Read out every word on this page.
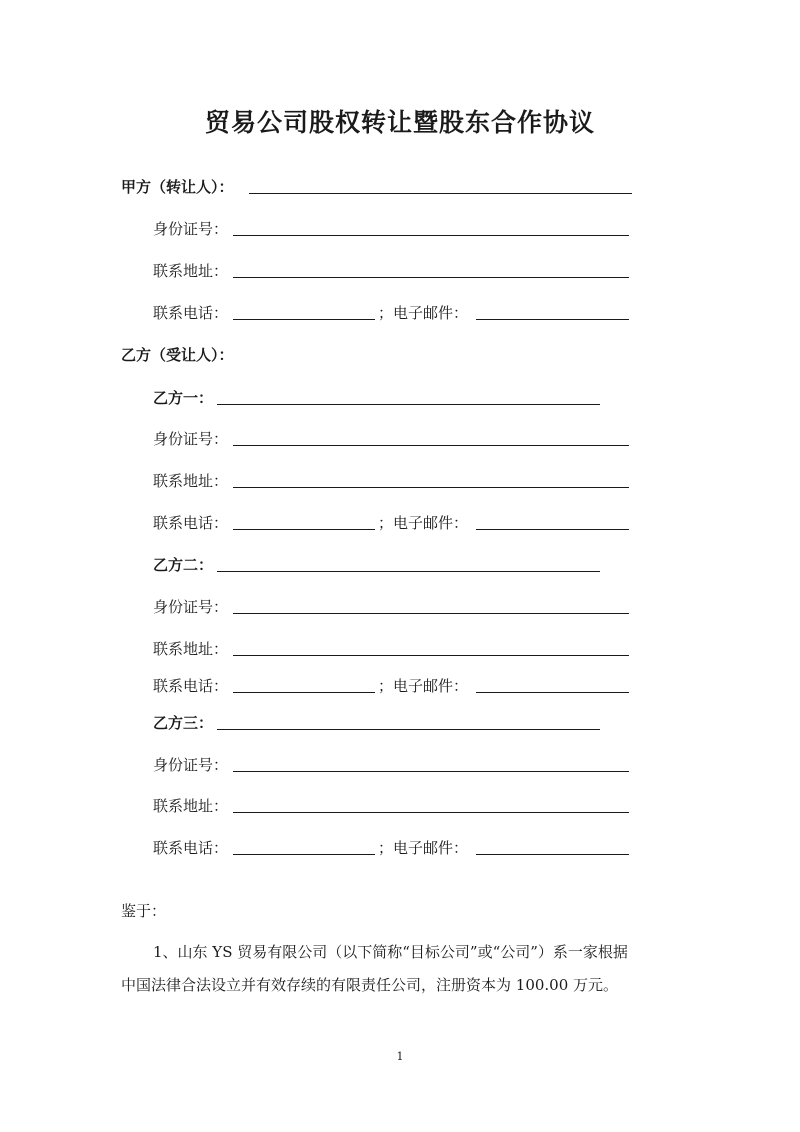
贸易公司股权转让暨股东合作协议
甲方（转让人）：
身份证号：
联系地址：
联系电话：	；电子邮件：
乙方（受让人）：
乙方一：
身份证号：
联系地址：
联系电话：	；电子邮件：
乙方二：
身份证号：
联系地址：
联系电话：	；电子邮件：
乙方三：
身份证号：
联系地址：
联系电话：	；电子邮件：
鉴于：
1、山东 YS 贸易有限公司（以下简称“目标公司”或“公司”）系一家根据
中国法律合法设立并有效存续的有限责任公司，注册资本为 100.00 万元。
1
